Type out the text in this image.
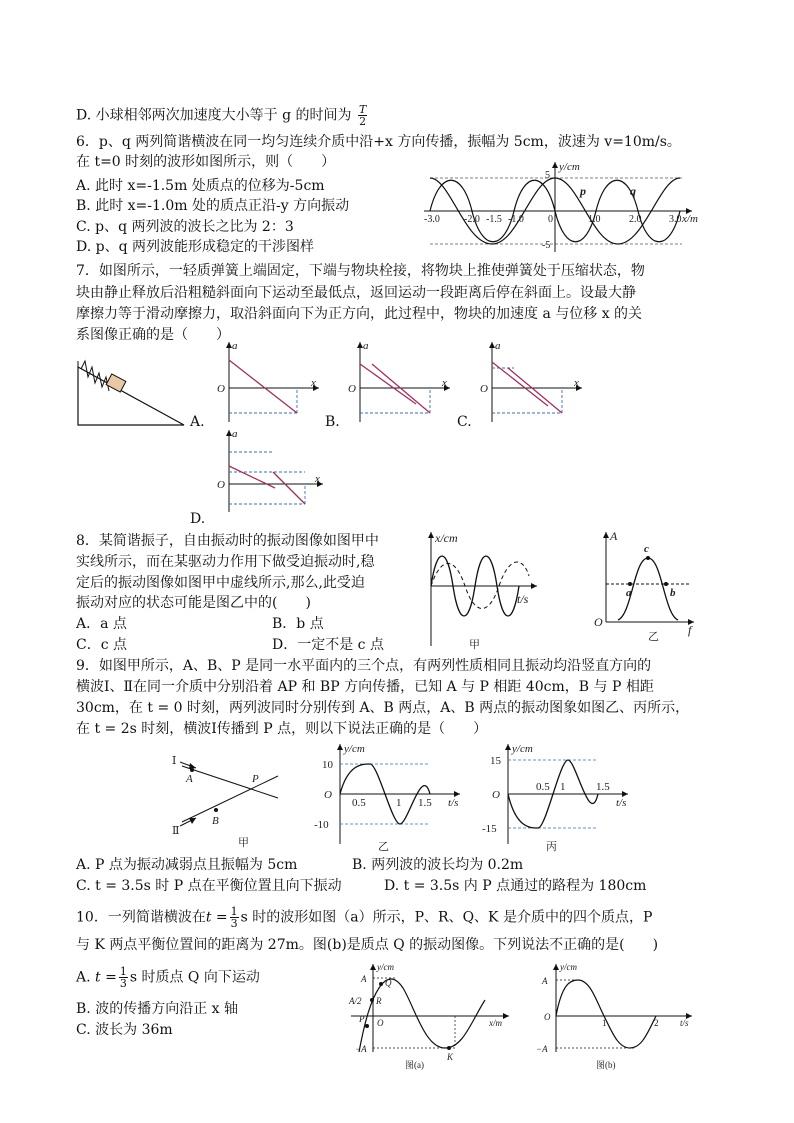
D. 小球相邻两次加速度大小等于 g 的时间为 $\frac{T}{2}$
6．p、q 两列简谐横波在同一均匀连续介质中沿+x 方向传播，振幅为 5cm，波速为 v=10m/s。
在 t=0 时刻的波形如图所示，则（　　）
A. 此时 x=-1.5m 处质点的位移为-5cm
B. 此时 x=-1.0m 处的质点正沿-y 方向振动
C. p、q 两列波的波长之比为 2：3
D. p、q 两列波能形成稳定的干涉图样
y/cm
x/m
5
-5
-3.0 -2.0 -1.5 -1.0 0	1.0	2.0	3.0
p	q
7．如图所示，一轻质弹簧上端固定，下端与物块栓接，将物块上推使弹簧处于压缩状态，物
块由静止释放后沿粗糙斜面向下运动至最低点，返回运动一段距离后停在斜面上。设最大静
摩擦力等于滑动摩擦力，取沿斜面向下为正方向，此过程中，物块的加速度 a 与位移 x 的关
系图像正确的是（　　）
A.
a
x
O
B.
a
x
O
C.
a
x
O
D.
a
x
O
8．某简谐振子，自由振动时的振动图像如图甲中
实线所示，而在某驱动力作用下做受迫振动时,稳
定后的振动图像如图甲中虚线所示,那么,此受迫
振动对应的状态可能是图乙中的(　　)
A．a 点	B．b 点
C．c 点	D．一定不是 c 点
x/cm
t/s
甲
A
f
O
a	b
c
乙
9．如图甲所示，A、B、P 是同一水平面内的三个点，有两列性质相同且振动均沿竖直方向的
横波Ⅰ、Ⅱ在同一介质中分别沿着 AP 和 BP 方向传播，已知 A 与 P 相距 40cm，B 与 P 相距
30cm，在 t = 0 时刻，两列波同时分别传到 A、B 两点，A、B 两点的振动图象如图乙、丙所示，
在 t = 2s 时刻，横波Ⅰ传播到 P 点，则以下说法正确的是（　　）
Ⅰ
Ⅱ
A
B
P
甲
y/cm
t/s
10
-10
O
0.5	1 1.5
乙
y/cm
t/s
15
-15
O
0.5 1	1.5
丙
A. P 点为振动减弱点且振幅为 5cm	B. 两列波的波长均为 0.2m
C. t = 3.5s 时 P 点在平衡位置且向下振动	D. t = 3.5s 内 P 点通过的路程为 180cm
10．一列简谐横波在$t = \frac{1}{3}$ s 时的波形如图（a）所示，P、R、Q、K 是介质中的四个质点，P
与 K 两点平衡位置间的距离为 27m。图(b)是质点 Q 的振动图像。下列说法不正确的是(　　)
A. $t = \frac{1}{3}$ s 时质点 Q 向下运动
B. 波的传播方向沿正 x 轴
C. 波长为 36m
y/cm
x/m
A
A/2
−A
O
P
R
Q
K
图(a)
y/cm
t/s
A
−A
O
1	2
图(b)
